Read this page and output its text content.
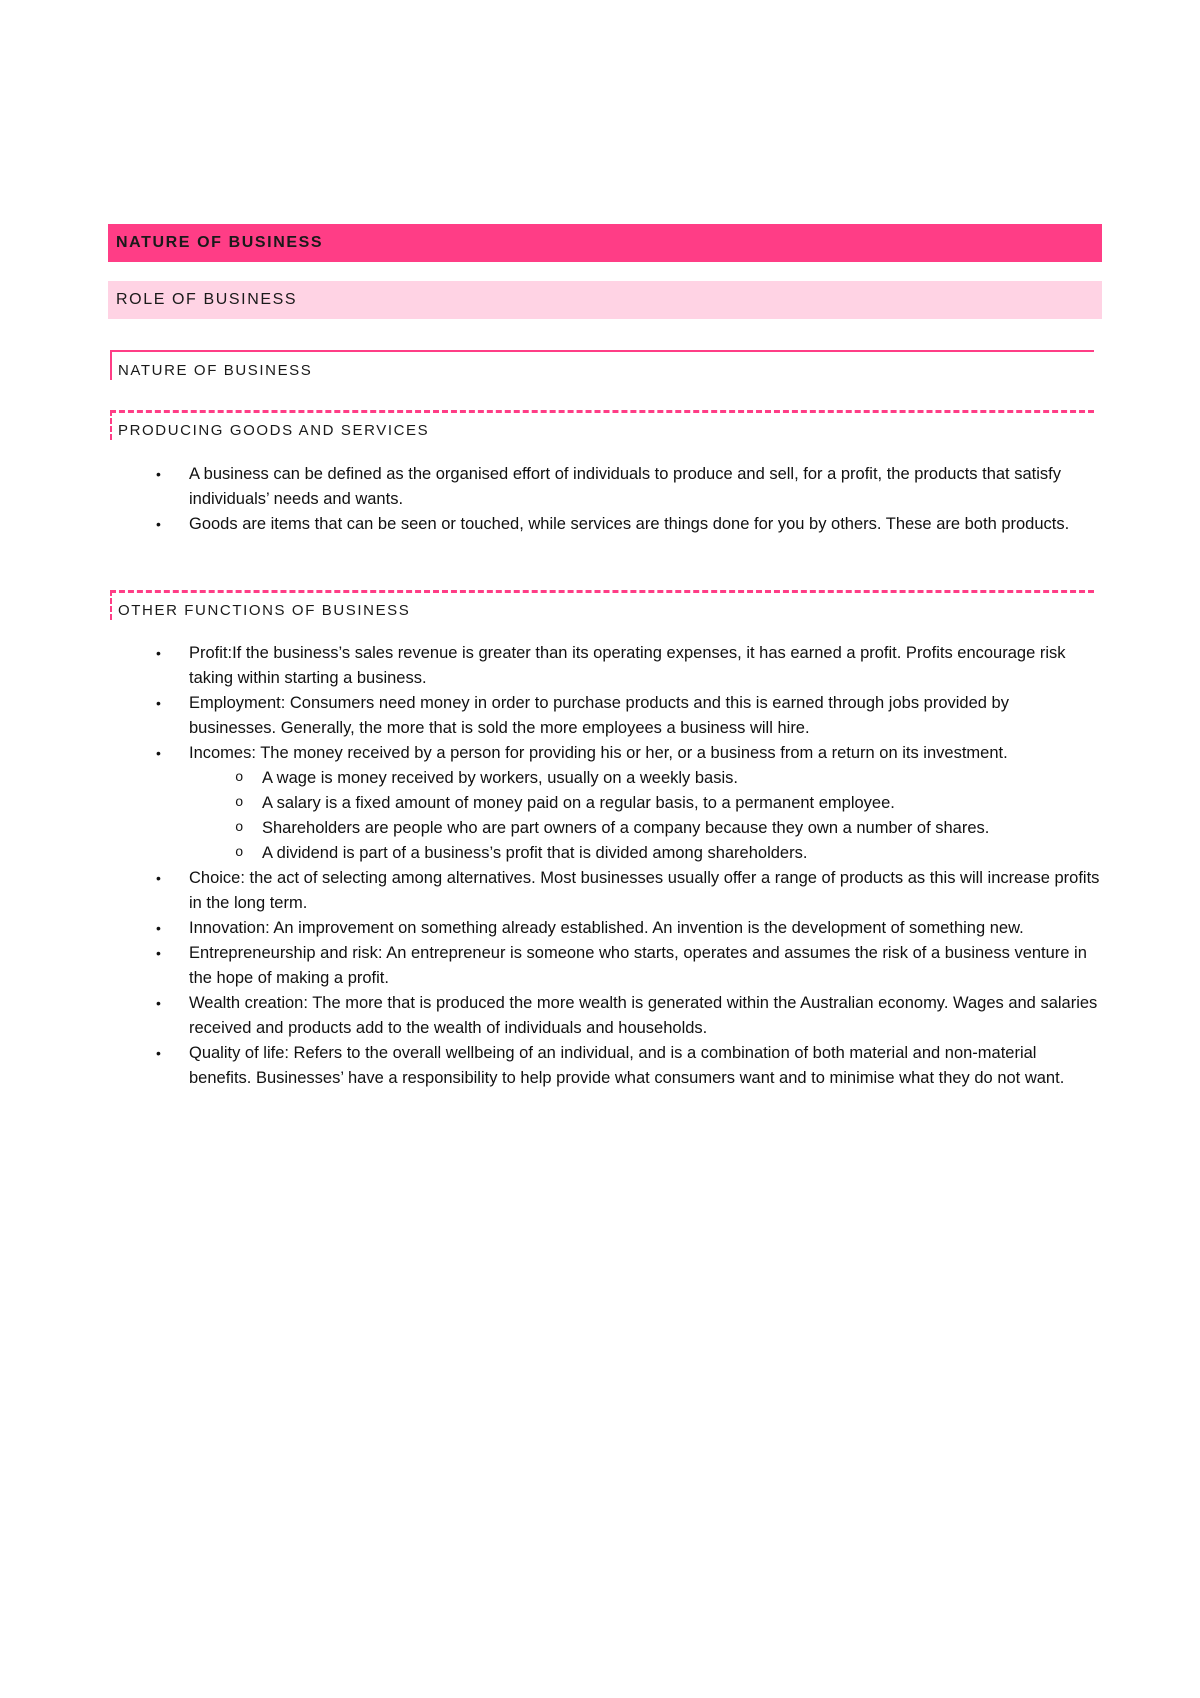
NATURE OF BUSINESS
ROLE OF BUSINESS
NATURE OF BUSINESS
PRODUCING GOODS AND SERVICES
• A business can be defined as the organised effort of individuals to produce and sell, for a profit, the products that satisfy individuals’ needs and wants.
• Goods are items that can be seen or touched, while services are things done for you by others. These are both products.
OTHER FUNCTIONS OF BUSINESS
• Profit:If the business’s sales revenue is greater than its operating expenses, it has earned a profit. Profits encourage risk taking within starting a business.
• Employment: Consumers need money in order to purchase products and this is earned through jobs provided by businesses. Generally, the more that is sold the more employees a business will hire.
• Incomes: The money received by a person for providing his or her, or a business from a return on its investment.
o A wage is money received by workers, usually on a weekly basis.
o A salary is a fixed amount of money paid on a regular basis, to a permanent employee.
o Shareholders are people who are part owners of a company because they own a number of shares.
o A dividend is part of a business’s profit that is divided among shareholders.
• Choice: the act of selecting among alternatives. Most businesses usually offer a range of products as this will increase profits in the long term.
• Innovation: An improvement on something already established. An invention is the development of something new.
• Entrepreneurship and risk: An entrepreneur is someone who starts, operates and assumes the risk of a business venture in the hope of making a profit.
• Wealth creation: The more that is produced the more wealth is generated within the Australian economy. Wages and salaries received and products add to the wealth of individuals and households.
• Quality of life: Refers to the overall wellbeing of an individual, and is a combination of both material and non-material benefits. Businesses’ have a responsibility to help provide what consumers want and to minimise what they do not want.
